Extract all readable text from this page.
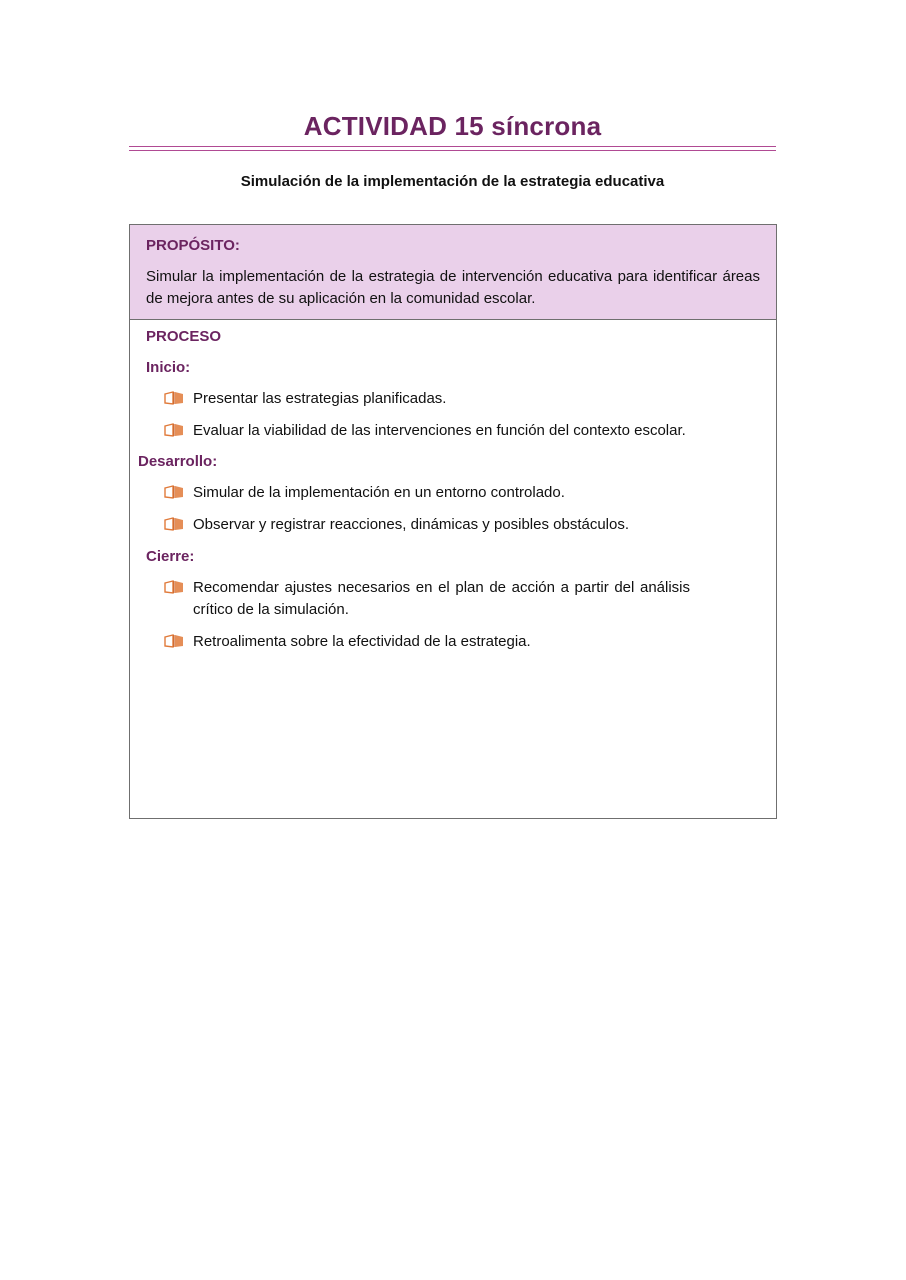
ACTIVIDAD 15 síncrona
Simulación de la implementación de la estrategia educativa
PROPÓSITO:

Simular la implementación de la estrategia de intervención educativa para identificar áreas de mejora antes de su aplicación en la comunidad escolar.

PROCESO
Inicio:
Presentar las estrategias planificadas.
Evaluar la viabilidad de las intervenciones en función del contexto escolar.
Desarrollo:
Simular de la implementación en un entorno controlado.
Observar y registrar reacciones, dinámicas y posibles obstáculos.
Cierre:
Recomendar ajustes necesarios en el plan de acción a partir del análisis crítico de la simulación.
Retroalimenta sobre la efectividad de la estrategia.
